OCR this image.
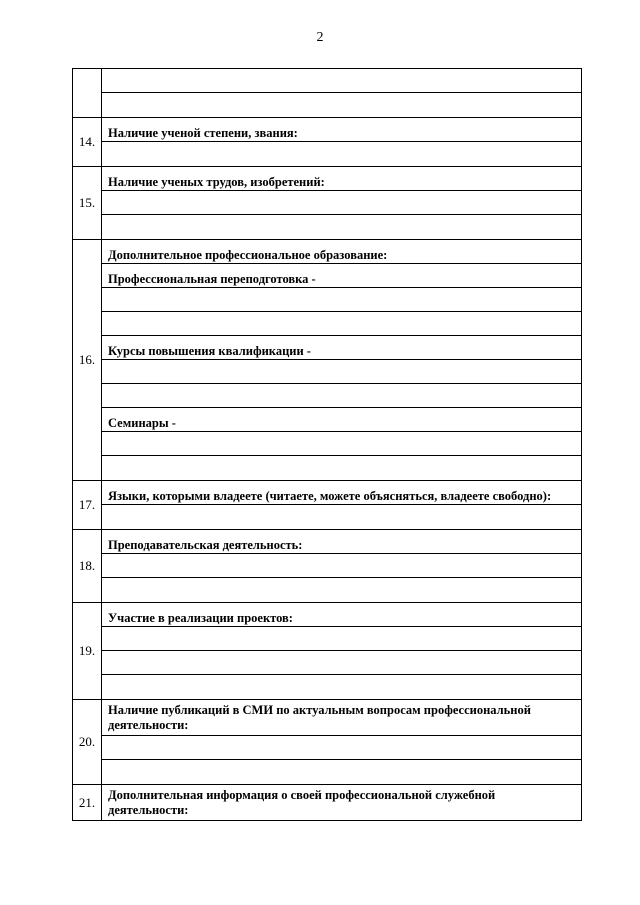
2

14.	Наличие ученой степени, звания:

15.	Наличие ученых трудов, изобретений:

16.	Дополнительное профессиональное образование:
Профессиональная переподготовка -
Курсы повышения квалификации -
Семинары -

17.	Языки, которыми владеете (читаете, можете объясняться, владеете свободно):

18.	Преподавательская деятельность:

19.	Участие в реализации проектов:

20.	Наличие публикаций в СМИ по актуальным вопросам профессиональной деятельности:

21.	Дополнительная информация о своей профессиональной служебной деятельности:
